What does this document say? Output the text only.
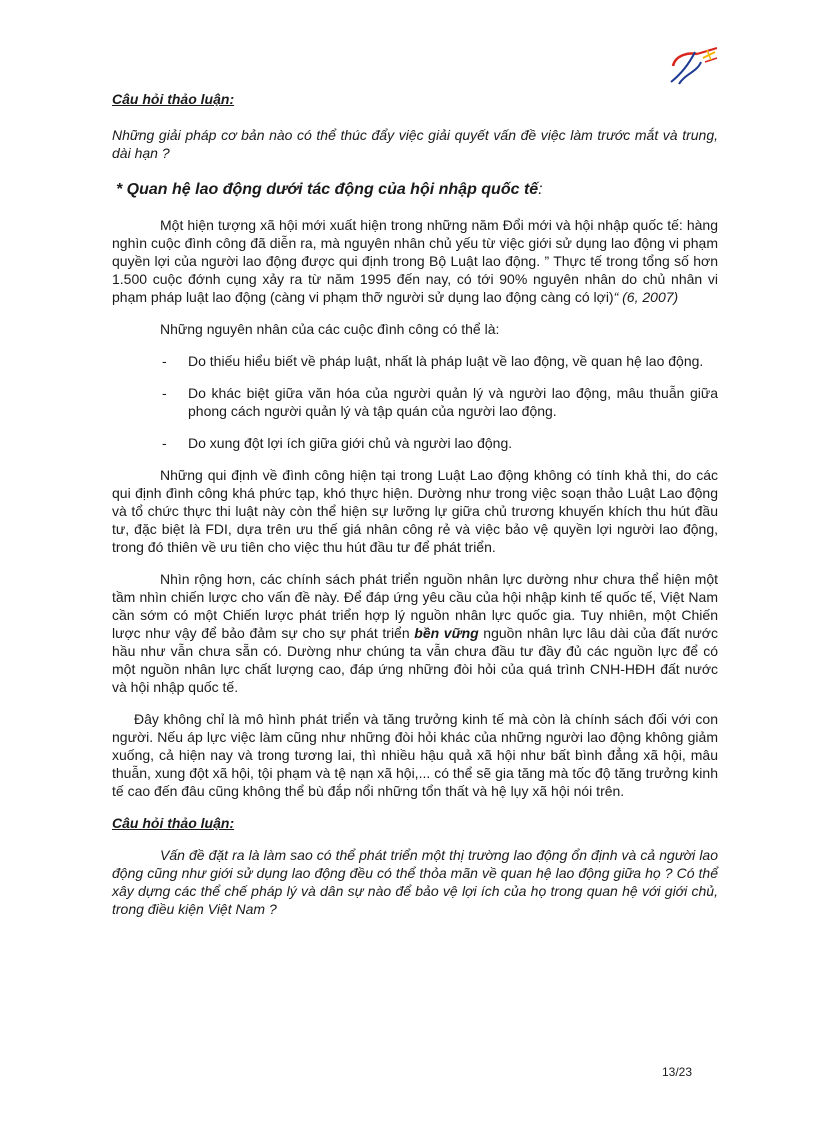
Câu hỏi thảo luận:

Những giải pháp cơ bản nào có thể thúc đẩy việc giải quyết vấn đề việc làm trước mắt và trung, dài hạn ?

* Quan hệ lao động dưới tác động của hội nhập quốc tế:

Một hiện tượng xã hội mới xuất hiện trong những năm Đổi mới và hội nhập quốc tế: hàng nghìn cuộc đình công đã diễn ra, mà nguyên nhân chủ yếu từ việc giới sử dụng lao động vi phạm quyền lợi của người lao động được qui định trong Bộ Luật lao động. ” Thực tế trong tổng số hơn 1.500 cuộc đớnh cụng xảy ra từ năm 1995 đến nay, có tới 90% nguyên nhân do chủ nhân vi phạm pháp luật lao động (càng vi phạm thỡ người sử dụng lao động càng có lợi)“ (6, 2007)

Những nguyên nhân của các cuộc đình công có thể là:

-	Do thiếu hiểu biết về pháp luật, nhất là pháp luật về lao động, về quan hệ lao động.
-	Do khác biệt giữa văn hóa của người quản lý và người lao động, mâu thuẫn giữa phong cách người quản lý và tập quán của người lao động.
-	Do xung đột lợi ích giữa giới chủ và người lao động.

Những qui định về đình công hiện tại trong Luật Lao động không có tính khả thi, do các qui định đình công khá phức tạp, khó thực hiện. Dường như trong việc soạn thảo Luật Lao động và tổ chức thực thi luật này còn thể hiện sự lưỡng lự giữa chủ trương khuyến khích thu hút đầu tư, đặc biệt là FDI, dựa trên ưu thế giá nhân công rẻ và việc bảo vệ quyền lợi người lao động, trong đó thiên về ưu tiên cho việc thu hút đầu tư để phát triển.

Nhìn rộng hơn, các chính sách phát triển nguồn nhân lực dường như chưa thể hiện một tầm nhìn chiến lược cho vấn đề này. Để đáp ứng yêu cầu của hội nhập kinh tế quốc tế, Việt Nam cần sớm có một Chiến lược phát triển hợp lý nguồn nhân lực quốc gia. Tuy nhiên, một Chiến lược như vậy để bảo đảm sự cho sự phát triển bền vững nguồn nhân lực lâu dài của đất nước hầu như vẫn chưa sẵn có. Dường như chúng ta vẫn chưa đầu tư đầy đủ các nguồn lực để có một nguồn nhân lực chất lượng cao, đáp ứng những đòi hỏi của quá trình CNH-HĐH đất nước và hội nhập quốc tế.

Đây không chỉ là mô hình phát triển và tăng trưởng kinh tế mà còn là chính sách đối với con người. Nếu áp lực việc làm cũng như những đòi hỏi khác của những người lao động không giảm xuống, cả hiện nay và trong tương lai, thì nhiều hậu quả xã hội như bất bình đẳng xã hội, mâu thuẫn, xung đột xã hội, tội phạm và tệ nạn xã hội,... có thể sẽ gia tăng mà tốc độ tăng trưởng kinh tế cao đến đâu cũng không thể bù đắp nổi những tổn thất và hệ lụy xã hội nói trên.

Câu hỏi thảo luận:

Vấn đề đặt ra là làm sao có thể phát triển một thị trường lao động ổn định và cả người lao động cũng như giới sử dụng lao động đều có thể thỏa mãn về quan hệ lao động giữa họ ? Có thể xây dựng các thể chế pháp lý và dân sự nào để bảo vệ lợi ích của họ trong quan hệ với giới chủ, trong điều kiện Việt Nam ?

13/23
